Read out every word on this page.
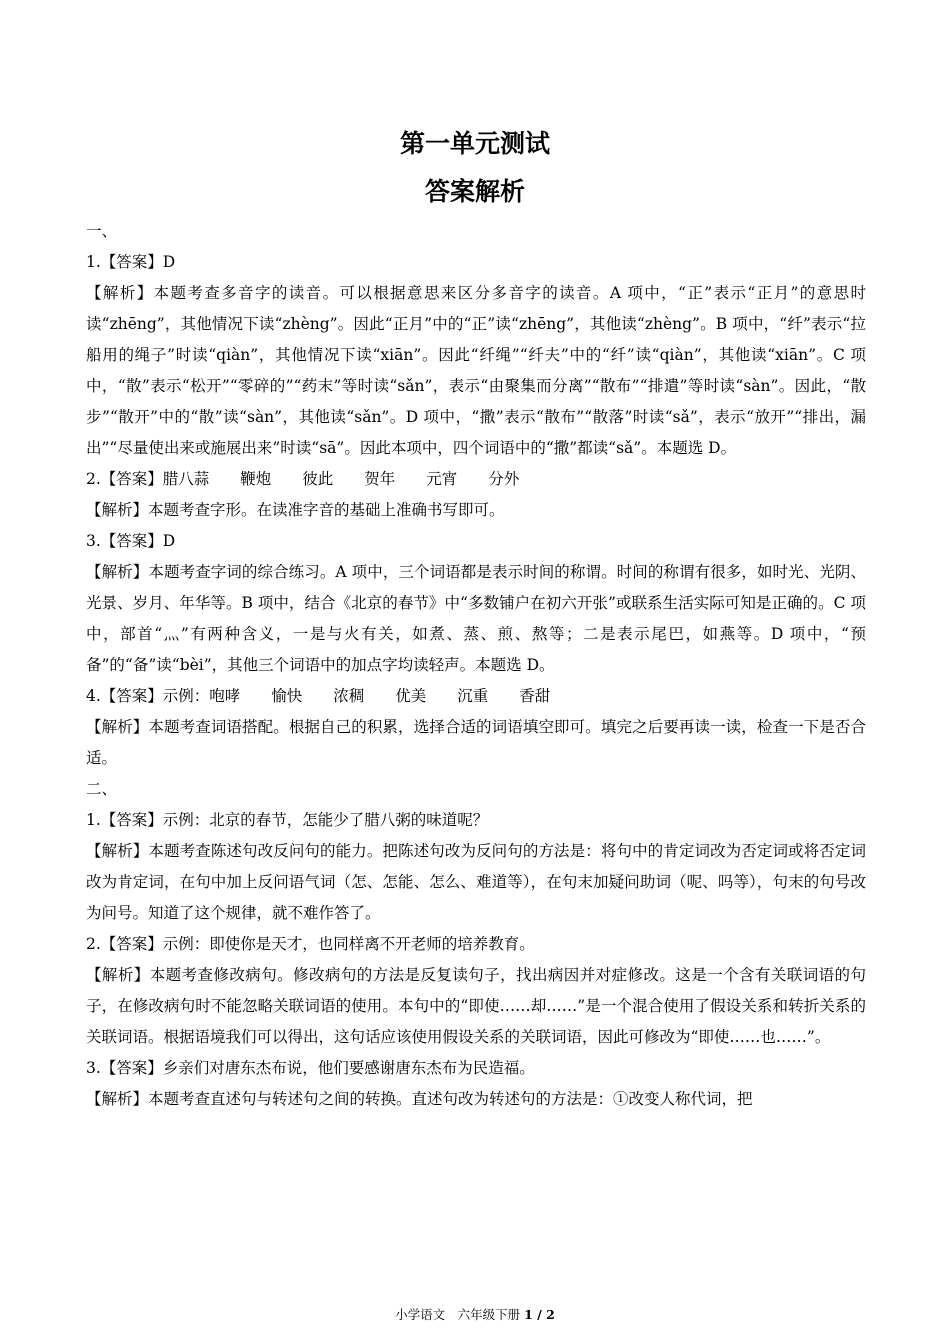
第一单元测试
答案解析

一、

1.【答案】D

【解析】本题考查多音字的读音。可以根据意思来区分多音字的读音。A 项中，“正”表示“正月”的意思时读“zhēng”，其他情况下读“zhèng”。因此“正月”中的“正”读“zhēng”，其他读“zhèng”。B 项中，“纤”表示“拉船用的绳子”时读“qiàn”，其他情况下读“xiān”。因此“纤绳”“纤夫”中的“纤”读“qiàn”，其他读“xiān”。C 项中，“散”表示“松开”“零碎的”“药末”等时读“sǎn”，表示“由聚集而分离”“散布”“排遣”等时读“sàn”。因此，“散步”“散开”中的“散”读“sàn”，其他读“sǎn”。D 项中，“撒”表示“散布”“散落”时读“sǎ”，表示“放开”“排出，漏出”“尽量使出来或施展出来”时读“sā”。因此本项中，四个词语中的“撒”都读“sǎ”。本题选 D。

2.【答案】腊八蒜　　鞭炮　　彼此　　贺年　　元宵　　分外

【解析】本题考查字形。在读准字音的基础上准确书写即可。

3.【答案】D

【解析】本题考查字词的综合练习。A 项中，三个词语都是表示时间的称谓。时间的称谓有很多，如时光、光阴、光景、岁月、年华等。B 项中，结合《北京的春节》中“多数铺户在初六开张”或联系生活实际可知是正确的。C 项中，部首“灬”有两种含义，一是与火有关，如煮、蒸、煎、熬等；二是表示尾巴，如燕等。D 项中，“预备”的“备”读“bèi”，其他三个词语中的加点字均读轻声。本题选 D。

4.【答案】示例：咆哮　　愉快　　浓稠　　优美　　沉重　　香甜

【解析】本题考查词语搭配。根据自己的积累，选择合适的词语填空即可。填完之后要再读一读，检查一下是否合适。

二、

1.【答案】示例：北京的春节，怎能少了腊八粥的味道呢？

【解析】本题考查陈述句改反问句的能力。把陈述句改为反问句的方法是：将句中的肯定词改为否定词或将否定词改为肯定词，在句中加上反问语气词（怎、怎能、怎么、难道等），在句末加疑问助词（呢、吗等），句末的句号改为问号。知道了这个规律，就不难作答了。

2.【答案】示例：即使你是天才，也同样离不开老师的培养教育。

【解析】本题考查修改病句。修改病句的方法是反复读句子，找出病因并对症修改。这是一个含有关联词语的句子，在修改病句时不能忽略关联词语的使用。本句中的“即使……却……”是一个混合使用了假设关系和转折关系的关联词语。根据语境我们可以得出，这句话应该使用假设关系的关联词语，因此可修改为“即使……也……”。

3.【答案】乡亲们对唐东杰布说，他们要感谢唐东杰布为民造福。

【解析】本题考查直述句与转述句之间的转换。直述句改为转述句的方法是：①改变人称代词，把

小学语文　六年级下册 1 / 2
